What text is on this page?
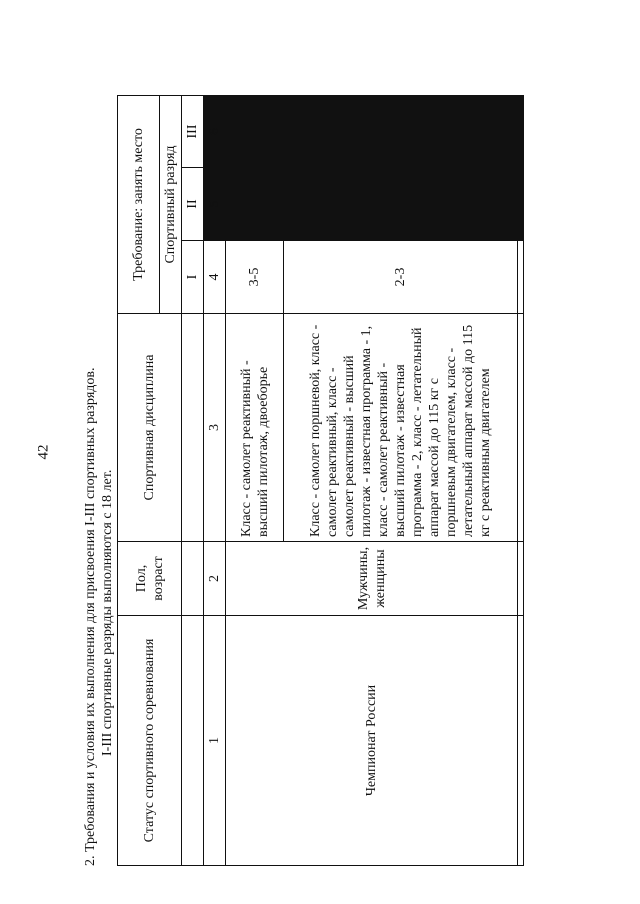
42 2. Требования и условия их выполнения для присвоения I-III спортивных разрядов. I-III спортивные разряды выполняются с 18 лет. Статус спортивного соревнования	Пол, возраст	Спортивная дисциплина	Требование: занять место		
			Спортивный разряд		
			I	II	III
1	2	3	4	5	6
Чемпионат России	Мужчины, женщины	Класс - самолет реактивный - высший пилотаж, двоеборье	3-5		
		Класс - самолет поршневой, класс - самолет реактивный, класс - самолет реактивный - высший пилотаж - известная программа - 1, класс - самолет реактивный - высший пилотаж - известная программа - 2, класс - летательный аппарат массой до 115 кг с поршневым двигателем, класс - летательный аппарат массой до 115 кг с реактивным двигателем	2-3		
